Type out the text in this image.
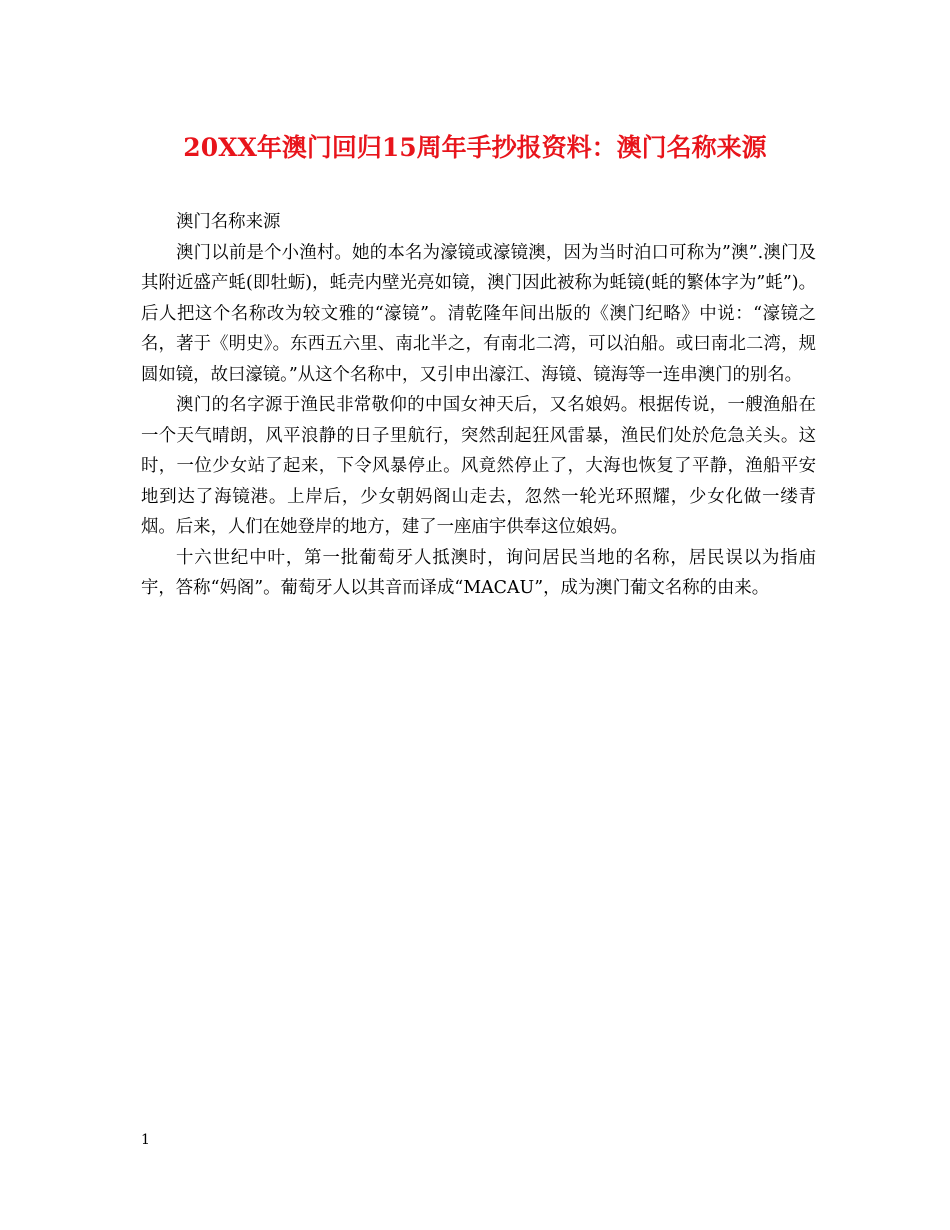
20XX年澳门回归15周年手抄报资料：澳门名称来源

澳门名称来源

澳门以前是个小渔村。她的本名为濠镜或濠镜澳，因为当时泊口可称为”澳”.澳门及其附近盛产蚝(即牡蛎)，蚝壳内壁光亮如镜，澳门因此被称为蚝镜(蚝的繁体字为”蚝”)。后人把这个名称改为较文雅的“濠镜”。清乾隆年间出版的《澳门纪略》中说：“濠镜之名，著于《明史》。东西五六里、南北半之，有南北二湾，可以泊船。或曰南北二湾，规圆如镜，故曰濠镜。”从这个名称中，又引申出濠江、海镜、镜海等一连串澳门的别名。

澳门的名字源于渔民非常敬仰的中国女神天后，又名娘妈。根据传说，一艘渔船在一个天气晴朗，风平浪静的日子里航行，突然刮起狂风雷暴，渔民们处於危急关头。这时，一位少女站了起来，下令风暴停止。风竟然停止了，大海也恢复了平静，渔船平安地到达了海镜港。上岸后，少女朝妈阁山走去，忽然一轮光环照耀，少女化做一缕青烟。后来，人们在她登岸的地方，建了一座庙宇供奉这位娘妈。

十六世纪中叶，第一批葡萄牙人抵澳时，询问居民当地的名称，居民误以为指庙宇，答称“妈阁”。葡萄牙人以其音而译成“MACAU”，成为澳门葡文名称的由来。

1
